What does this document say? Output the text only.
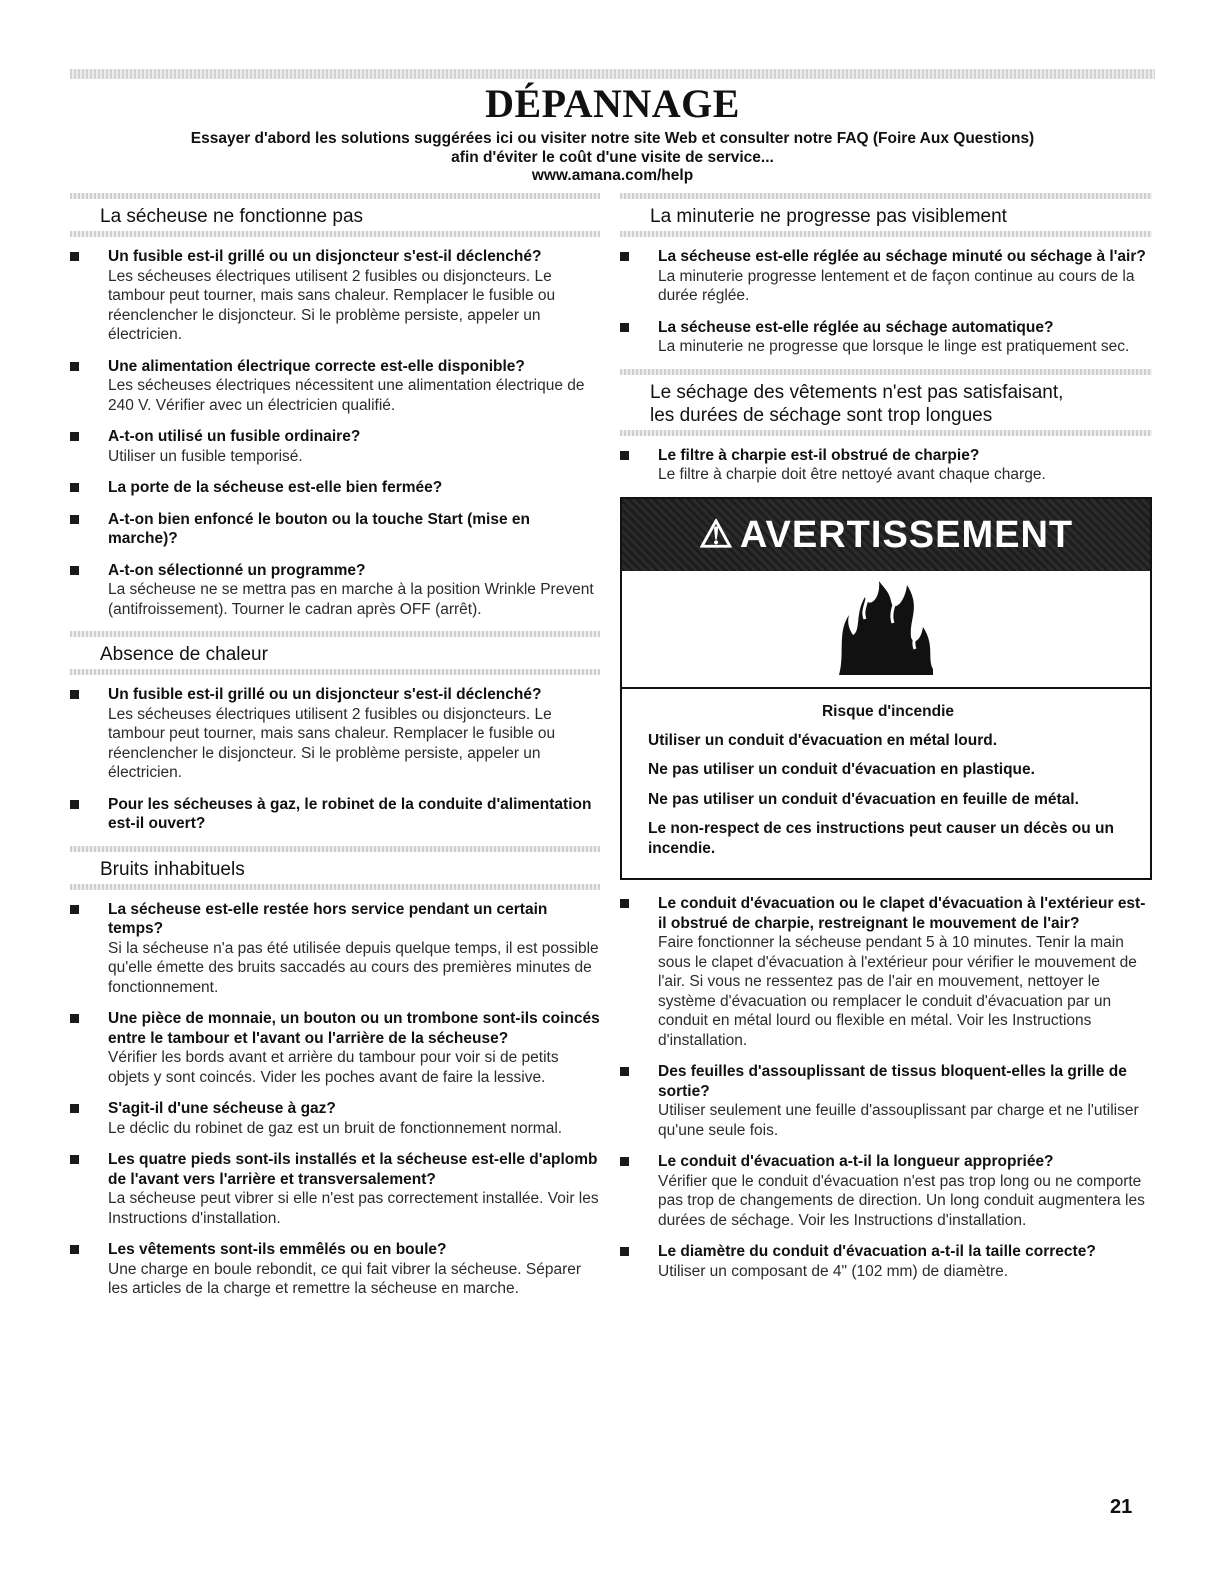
DÉPANNAGE

Essayer d'abord les solutions suggérées ici ou visiter notre site Web et consulter notre FAQ (Foire Aux Questions)
afin d'éviter le coût d'une visite de service...
www.amana.com/help

La sécheuse ne fonctionne pas
Un fusible est-il grillé ou un disjoncteur s'est-il déclenché?
Les sécheuses électriques utilisent 2 fusibles ou disjoncteurs. Le tambour peut tourner, mais sans chaleur. Remplacer le fusible ou réenclencher le disjoncteur. Si le problème persiste, appeler un électricien.
Une alimentation électrique correcte est-elle disponible?
Les sécheuses électriques nécessitent une alimentation électrique de 240 V. Vérifier avec un électricien qualifié.
A-t-on utilisé un fusible ordinaire?
Utiliser un fusible temporisé.
La porte de la sécheuse est-elle bien fermée?
A-t-on bien enfoncé le bouton ou la touche Start (mise en marche)?
A-t-on sélectionné un programme?
La sécheuse ne se mettra pas en marche à la position Wrinkle Prevent (antifroissement). Tourner le cadran après OFF (arrêt).
Absence de chaleur
Un fusible est-il grillé ou un disjoncteur s'est-il déclenché?
Les sécheuses électriques utilisent 2 fusibles ou disjoncteurs. Le tambour peut tourner, mais sans chaleur. Remplacer le fusible ou réenclencher le disjoncteur. Si le problème persiste, appeler un électricien.
Pour les sécheuses à gaz, le robinet de la conduite d'alimentation est-il ouvert?
Bruits inhabituels
La sécheuse est-elle restée hors service pendant un certain temps?
Si la sécheuse n'a pas été utilisée depuis quelque temps, il est possible qu'elle émette des bruits saccadés au cours des premières minutes de fonctionnement.
Une pièce de monnaie, un bouton ou un trombone sont-ils coincés entre le tambour et l'avant ou l'arrière de la sécheuse?
Vérifier les bords avant et arrière du tambour pour voir si de petits objets y sont coincés. Vider les poches avant de faire la lessive.
S'agit-il d'une sécheuse à gaz?
Le déclic du robinet de gaz est un bruit de fonctionnement normal.
Les quatre pieds sont-ils installés et la sécheuse est-elle d'aplomb de l'avant vers l'arrière et transversalement?
La sécheuse peut vibrer si elle n'est pas correctement installée. Voir les Instructions d'installation.
Les vêtements sont-ils emmêlés ou en boule?
Une charge en boule rebondit, ce qui fait vibrer la sécheuse. Séparer les articles de la charge et remettre la sécheuse en marche.
La minuterie ne progresse pas visiblement
La sécheuse est-elle réglée au séchage minuté ou séchage à l'air?
La minuterie progresse lentement et de façon continue au cours de la durée réglée.
La sécheuse est-elle réglée au séchage automatique?
La minuterie ne progresse que lorsque le linge est pratiquement sec.
Le séchage des vêtements n'est pas satisfaisant,
les durées de séchage sont trop longues
Le filtre à charpie est-il obstrué de charpie?
Le filtre à charpie doit être nettoyé avant chaque charge.
⚠ AVERTISSEMENT

Risque d'incendie

Utiliser un conduit d'évacuation en métal lourd.

Ne pas utiliser un conduit d'évacuation en plastique.

Ne pas utiliser un conduit d'évacuation en feuille de métal.

Le non-respect de ces instructions peut causer un décès ou un incendie.

Le conduit d'évacuation ou le clapet d'évacuation à l'extérieur est-il obstrué de charpie, restreignant le mouvement de l'air?
Faire fonctionner la sécheuse pendant 5 à 10 minutes. Tenir la main sous le clapet d'évacuation à l'extérieur pour vérifier le mouvement de l'air. Si vous ne ressentez pas de l'air en mouvement, nettoyer le système d'évacuation ou remplacer le conduit d'évacuation par un conduit en métal lourd ou flexible en métal. Voir les Instructions d'installation.
Des feuilles d'assouplissant de tissus bloquent-elles la grille de sortie?
Utiliser seulement une feuille d'assouplissant par charge et ne l'utiliser qu'une seule fois.
Le conduit d'évacuation a-t-il la longueur appropriée?
Vérifier que le conduit d'évacuation n'est pas trop long ou ne comporte pas trop de changements de direction. Un long conduit augmentera les durées de séchage. Voir les Instructions d'installation.
Le diamètre du conduit d'évacuation a-t-il la taille correcte?
Utiliser un composant de 4" (102 mm) de diamètre.

21
